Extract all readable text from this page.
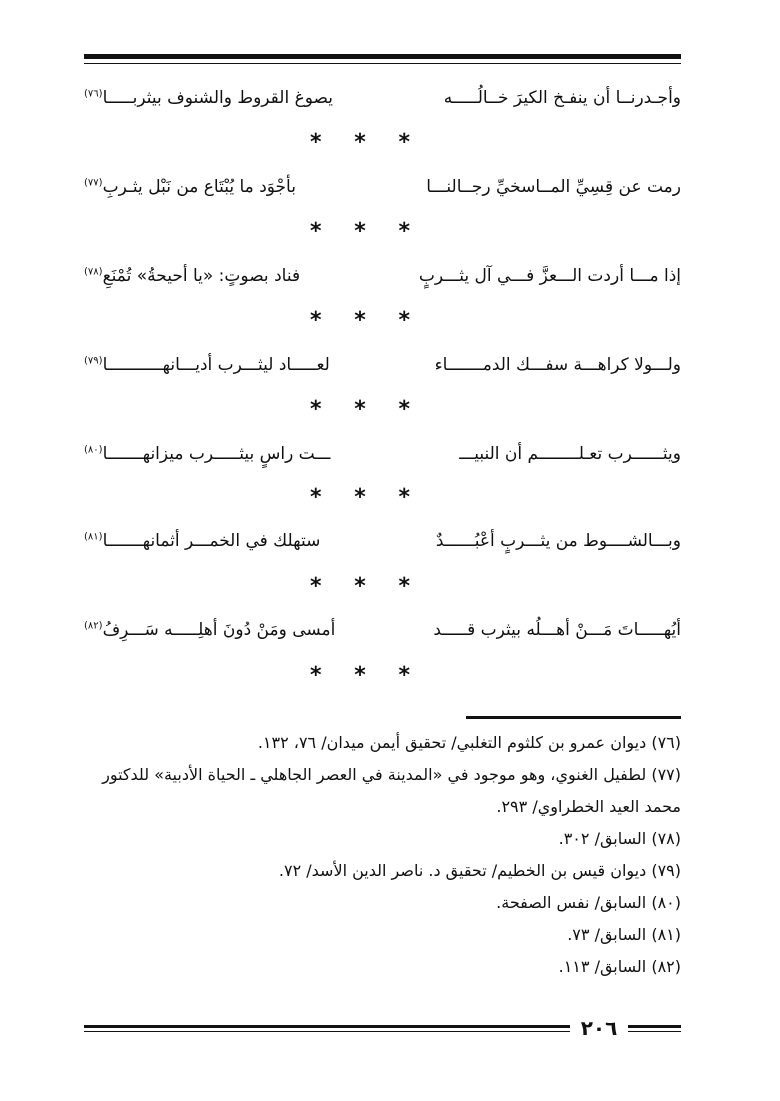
وأجـدرنــا أن ينفـخ الكيرَ خــالُـــــه
يصوغ القروط والشنوف بيثربـــــا$^{(٧٦)}$
* * *
رمت عن قِسِيِّ المــاسخيِّ رجــالنـــا
بأجْوَد ما يُبْتَاع من نَبْل يثـربِ$^{(٧٧)}$
* * *
إذا مـــا أردت الـــعزَّ فـــي آل يثـــربٍ
فناد بصوتٍ: «يا أحيحةُ» تُمْنَعِ$^{(٧٨)}$
* * *
ولـــولا كراهـــة سفـــك الدمـــــــاء
لعـــــاد ليثـــرب أديـــانهـــــــــــا$^{(٧٩)}$
* * *
ويثــــــرب تعـلــــــــم أن النبيـــ
ـــت راسٍ بيثـــــرب ميزانهـــــــا$^{(٨٠)}$
* * *
وبـــالشــــوط من يثـــربٍ أعْبُــــــدٌ
ستهلك في الخمـــر أثمانهـــــــا$^{(٨١)}$
* * *
أيُهـــــاتَ مَـــنْ أهـــلُه بيثرب قـــــد
أمسى ومَنْ دُونَ أهلِـــــه سَـــرِفُ$^{(٨٢)}$
* * *
(٧٦) ديوان عمرو بن كلثوم التغلبي/ تحقيق أيمن ميدان/ ٧٦، ١٣٢.
(٧٧) لطفيل الغنوي، وهو موجود في «المدينة في العصر الجاهلي ـ الحياة الأدبية» للدكتور محمد العيد الخطراوي/ ٢٩٣.
(٧٨) السابق/ ٣٠٢.
(٧٩) ديوان قيس بن الخطيم/ تحقيق د. ناصر الدين الأسد/ ٧٢.
(٨٠) السابق/ نفس الصفحة.
(٨١) السابق/ ٧٣.
(٨٢) السابق/ ١١٣.
٢٠٦
